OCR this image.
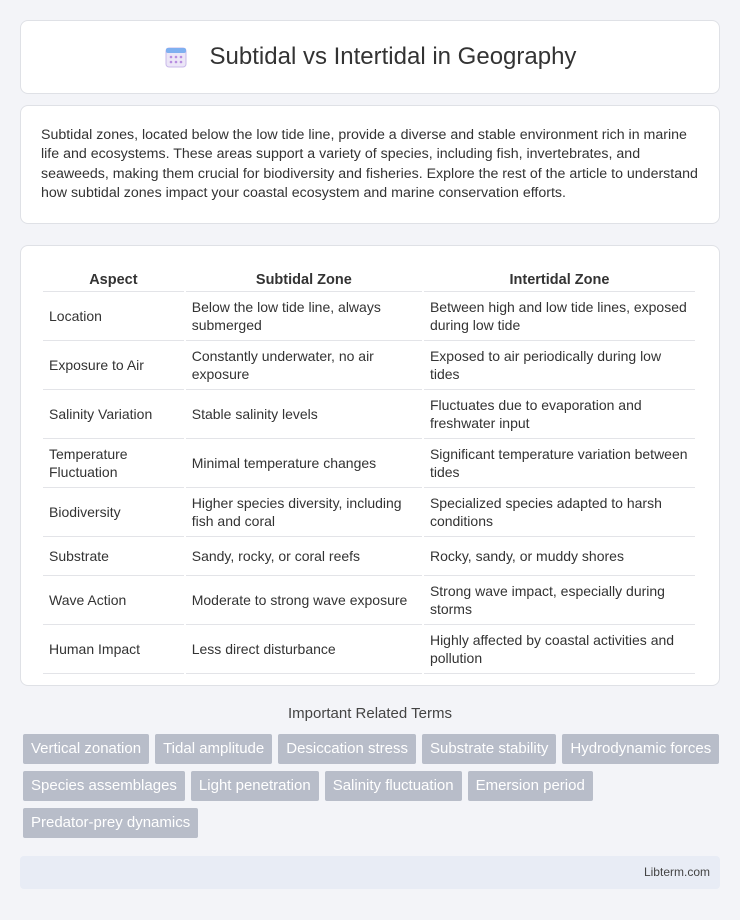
Subtidal vs Intertidal in Geography

Subtidal zones, located below the low tide line, provide a diverse and stable environment rich in marine life and ecosystems. These areas support a variety of species, including fish, invertebrates, and seaweeds, making them crucial for biodiversity and fisheries. Explore the rest of the article to understand how subtidal zones impact your coastal ecosystem and marine conservation efforts.

Aspect	Subtidal Zone	Intertidal Zone
Location	Below the low tide line, always submerged	Between high and low tide lines, exposed during low tide
Exposure to Air	Constantly underwater, no air exposure	Exposed to air periodically during low tides
Salinity Variation	Stable salinity levels	Fluctuates due to evaporation and freshwater input
Temperature Fluctuation	Minimal temperature changes	Significant temperature variation between tides
Biodiversity	Higher species diversity, including fish and coral	Specialized species adapted to harsh conditions
Substrate	Sandy, rocky, or coral reefs	Rocky, sandy, or muddy shores
Wave Action	Moderate to strong wave exposure	Strong wave impact, especially during storms
Human Impact	Less direct disturbance	Highly affected by coastal activities and pollution
Important Related Terms
Vertical zonation	Tidal amplitude	Desiccation stress	Substrate stability	Hydrodynamic forces
Species assemblages	Light penetration	Salinity fluctuation	Emersion period
Predator-prey dynamics
Libterm.com
